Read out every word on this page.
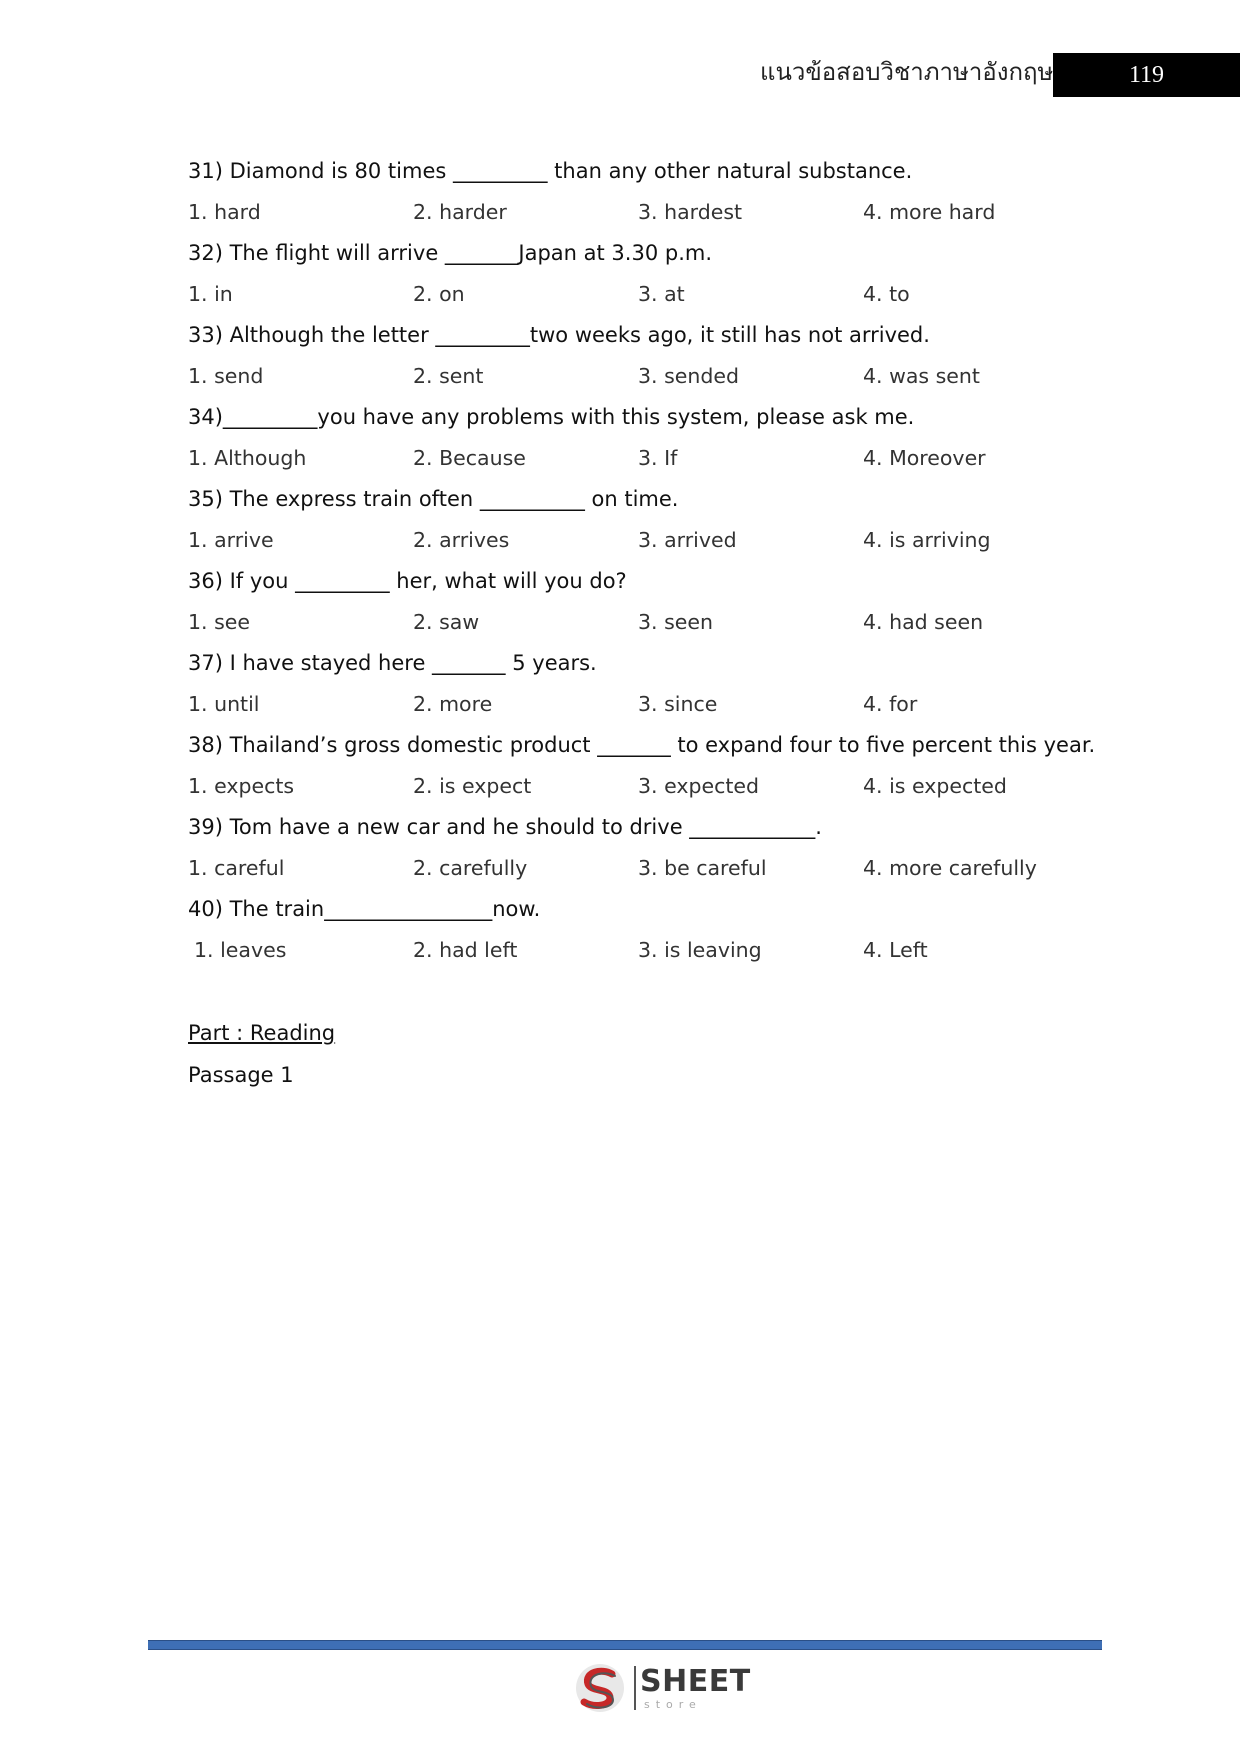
แนวข้อสอบวิชาภาษาอังกฤษ	119
31) Diamond is 80 times _________ than any other natural substance.
1. hard	2. harder	3. hardest	4. more hard
32) The flight will arrive _______Japan at 3.30 p.m.
1. in	2. on	3. at	4. to
33) Although the letter _________two weeks ago, it still has not arrived.
1. send	2. sent	3. sended	4. was sent
34)_________you have any problems with this system, please ask me.
1. Although	2. Because	3. If	4. Moreover
35) The express train often __________ on time.
1. arrive	2. arrives	3. arrived	4. is arriving
36) If you _________ her, what will you do?
1. see	2. saw	3. seen	4. had seen
37) I have stayed here _______ 5 years.
1. until	2. more	3. since	4. for
38) Thailand’s gross domestic product _______ to expand four to five percent this year.
1. expects	2. is expect	3. expected	4. is expected
39) Tom have a new car and he should to drive ____________.
1. careful	2. carefully	3. be careful	4. more carefully
40) The train________________now.
1. leaves	2. had left	3. is leaving	4. Left
Part : Reading
Passage 1
SHEET
store
